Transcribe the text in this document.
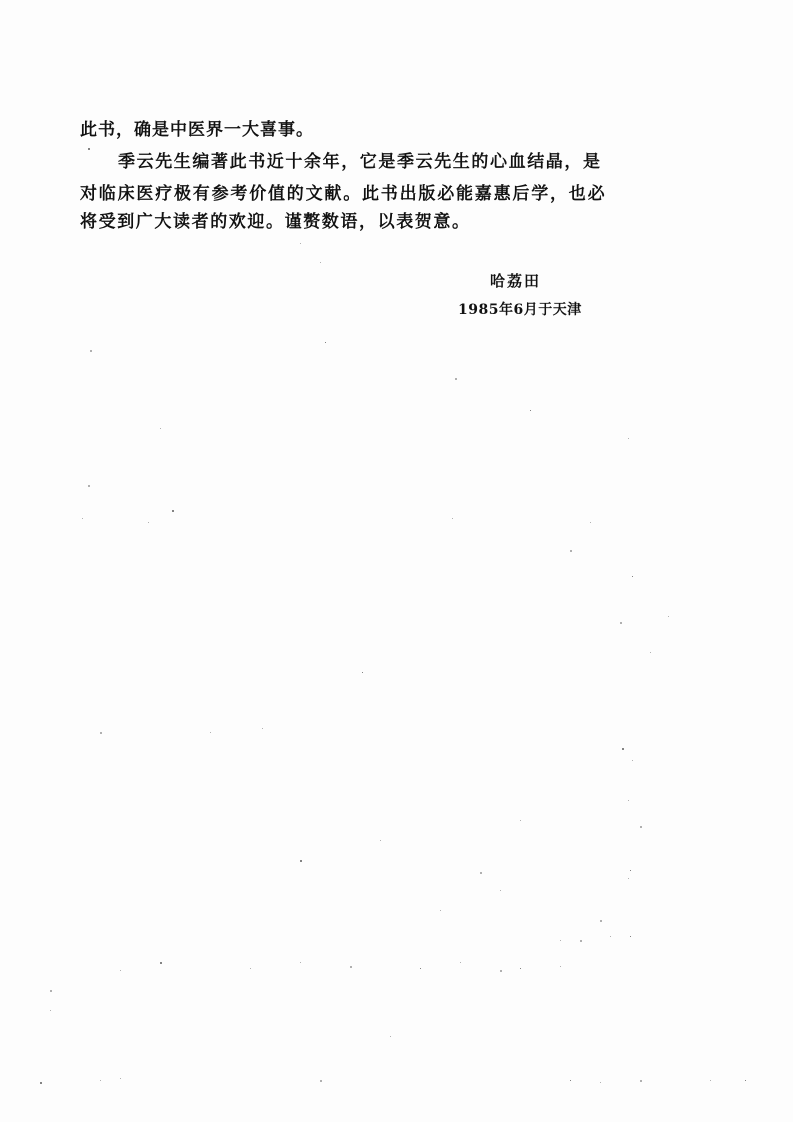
此书，确是中医界一大喜事。
季云先生编著此书近十余年，它是季云先生的心血结晶，是
对临床医疗极有参考价值的文献。此书出版必能嘉惠后学，也必
将受到广大读者的欢迎。谨赘数语，以表贺意。
哈荔田
1985年6月于天津
